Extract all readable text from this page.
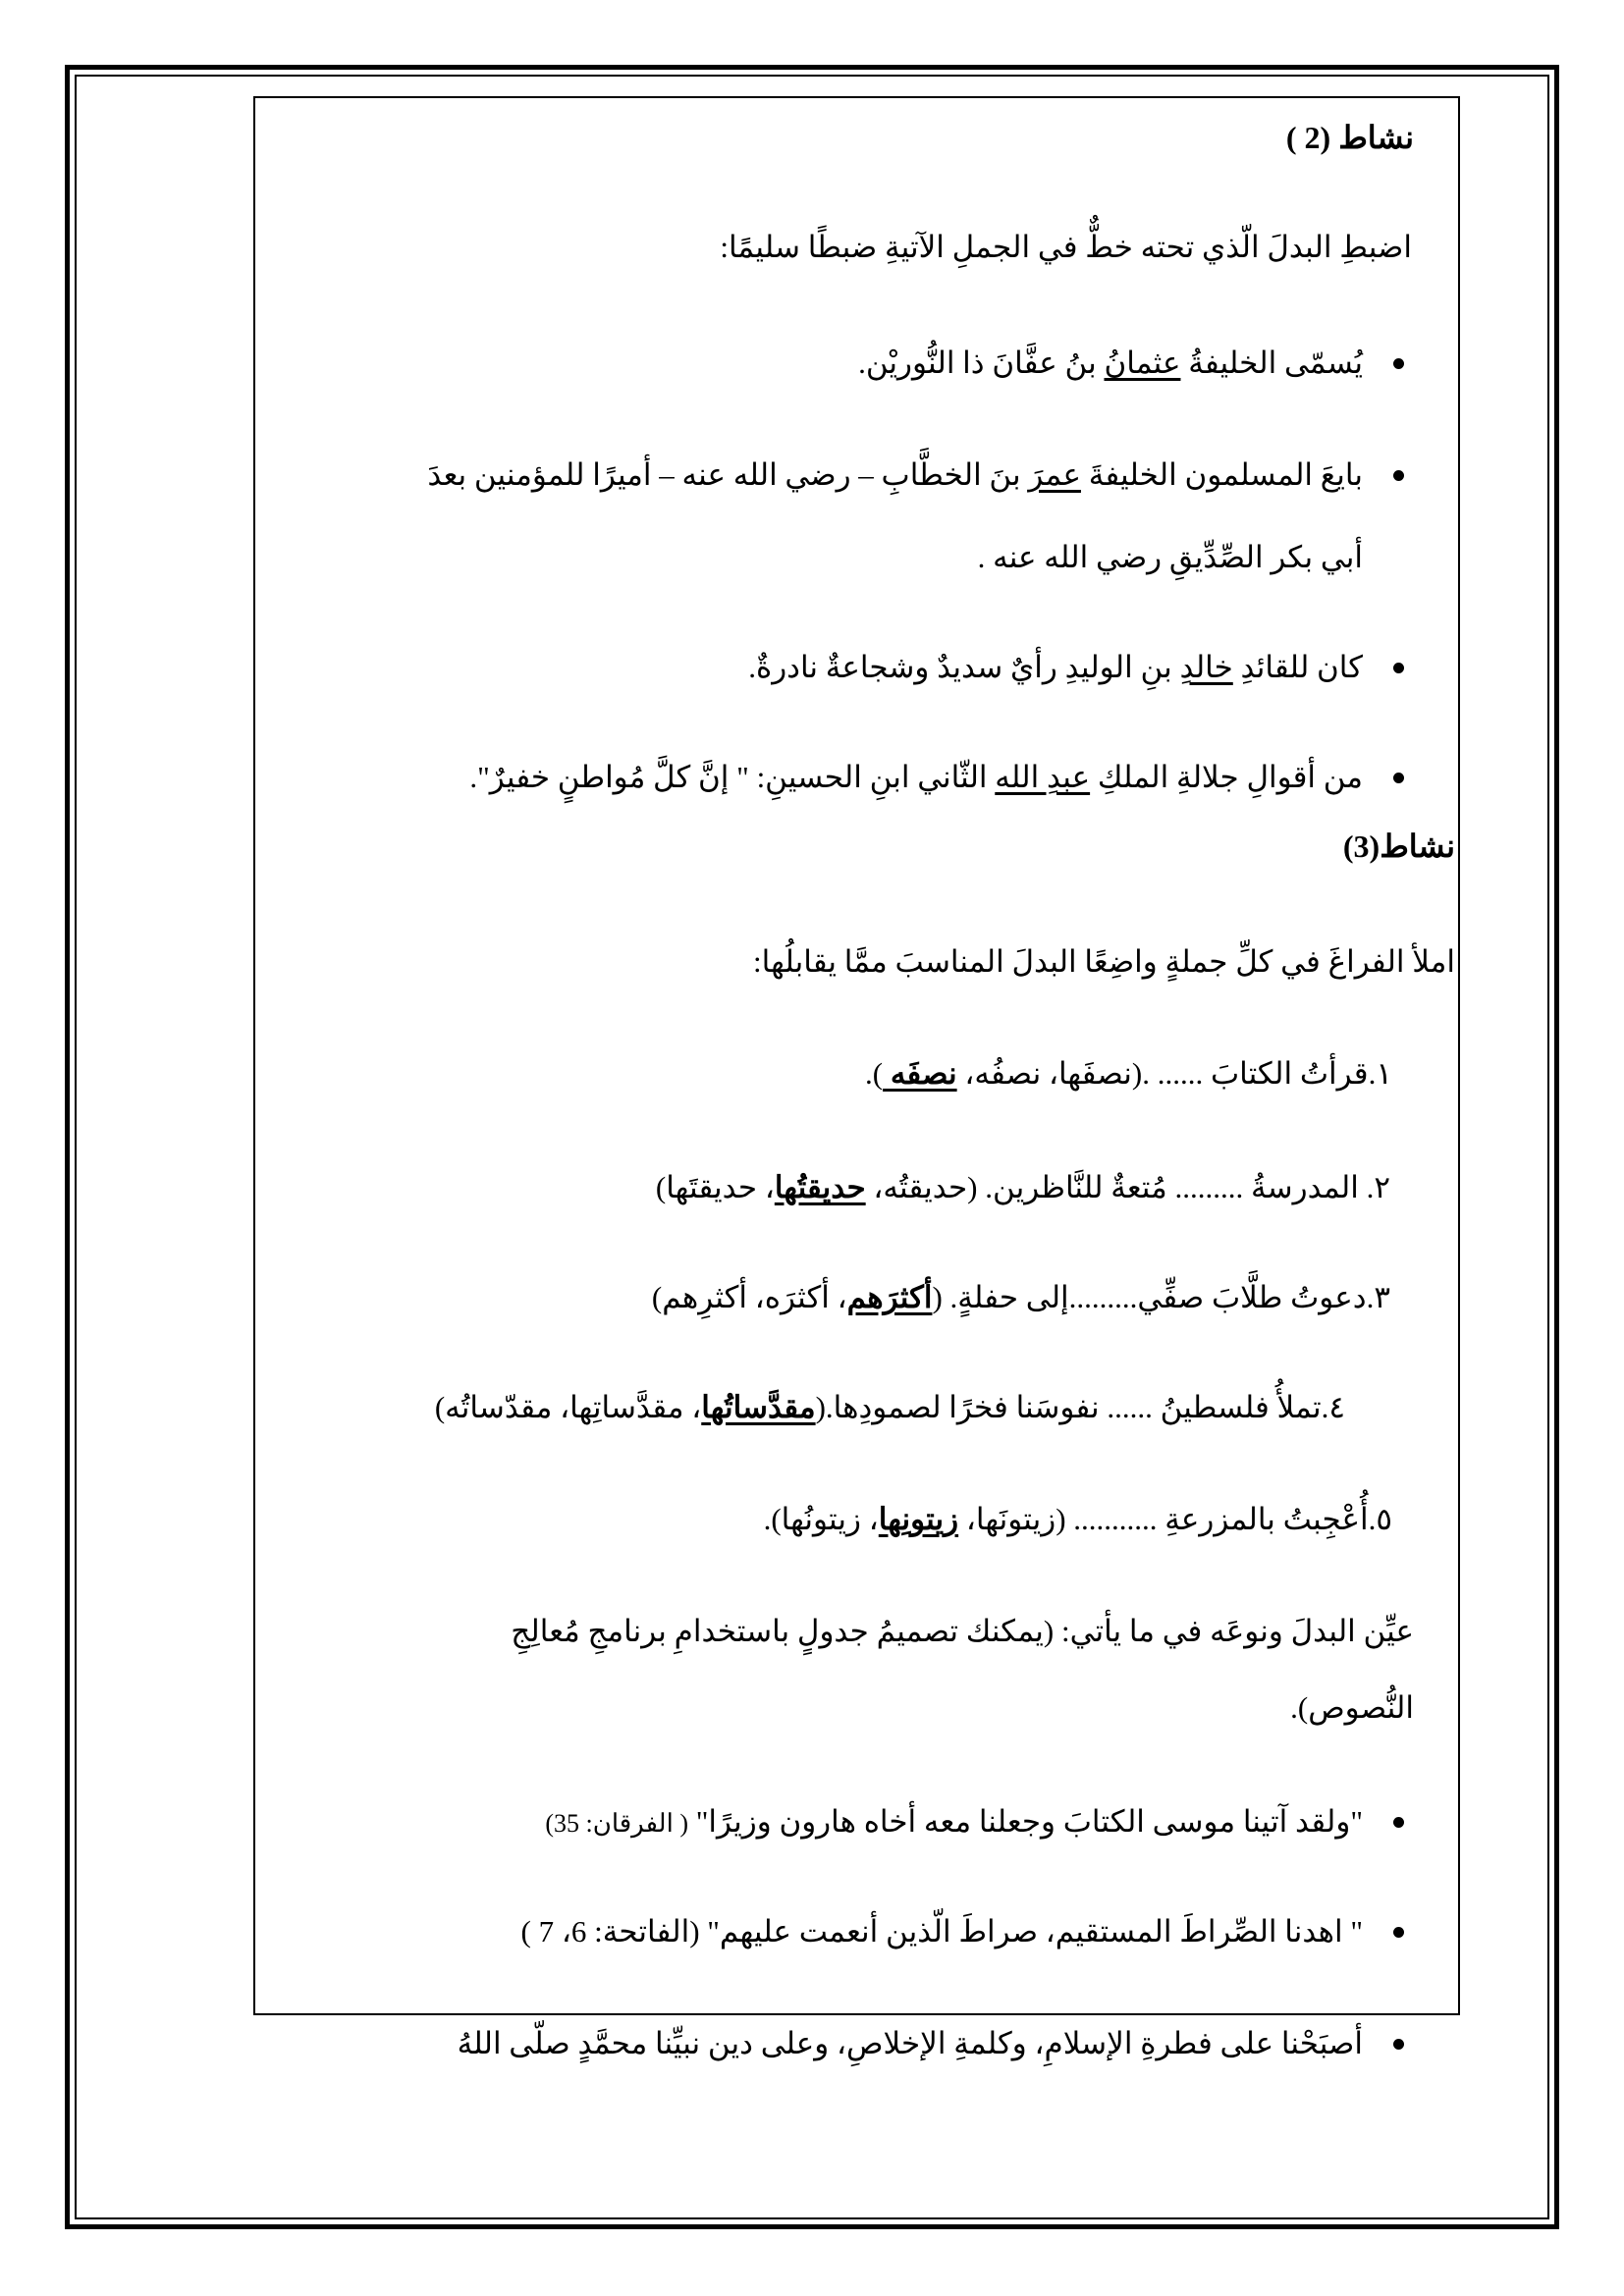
نشاط (2 )
اضبطِ البدلَ الّذي تحته خطٌّ في الجملِ الآتيةِ ضبطًا سليمًا:
يُسمّى الخليفةُ عثمانُ بنُ عفَّانَ ذا النُّوريْن.
بايعَ المسلمون الخليفةَ عمرَ بنَ الخطَّابِ – رضي الله عنه – أميرًا للمؤمنين بعدَ
أبي بكر الصِّدِّيقِ رضي الله عنه .
كان للقائدِ خالدِ بنِ الوليدِ رأيٌ سديدٌ وشجاعةٌ نادرةٌ.
من أقوالِ جلالةِ الملكِ عبدِ الله الثّاني ابنِ الحسينِ: " إنَّ كلَّ مُواطنٍ خفيرٌ".
نشاط(3)
املأ الفراغَ في كلِّ جملةٍ واضِعًا البدلَ المناسبَ ممَّا يقابلُها:
١.قرأتُ الكتابَ ...... .(نصفَها، نصفُه، نصفَه ).
٢. المدرسةُ ......... مُتعةٌ للنَّاظرين. (حديقتُه، حديقتُها، حديقتَها)
٣.دعوتُ طلَّابَ صفِّي.........إلى حفلةٍ. (أكثرَهم، أكثرَه، أكثرِهم)
٤.تملأُ فلسطينُ ...... نفوسَنا فخرًا لصمودِها.(مقدَّساتُها، مقدَّساتِها، مقدّساتُه)
٥.أُعْجِبتُ بالمزرعةِ ........... (زيتونَها، زيتونِها، زيتونُها).
عيِّن البدلَ ونوعَه في ما يأتي: (يمكنك تصميمُ جدولٍ باستخدامِ برنامجِ مُعالِجِ
النُّصوص).
"ولقد آتينا موسى الكتابَ وجعلنا معه أخاه هارون وزيرًا" ( الفرقان: 35)
" اهدنا الصِّراطَ المستقيم، صراطَ الّذين أنعمت عليهم" (الفاتحة: 6، 7 )
أصبَحْنا على فطرةِ الإسلامِ، وكلمةِ الإخلاصِ، وعلى دين نبيِّنا محمَّدٍ صلّى اللهُ
